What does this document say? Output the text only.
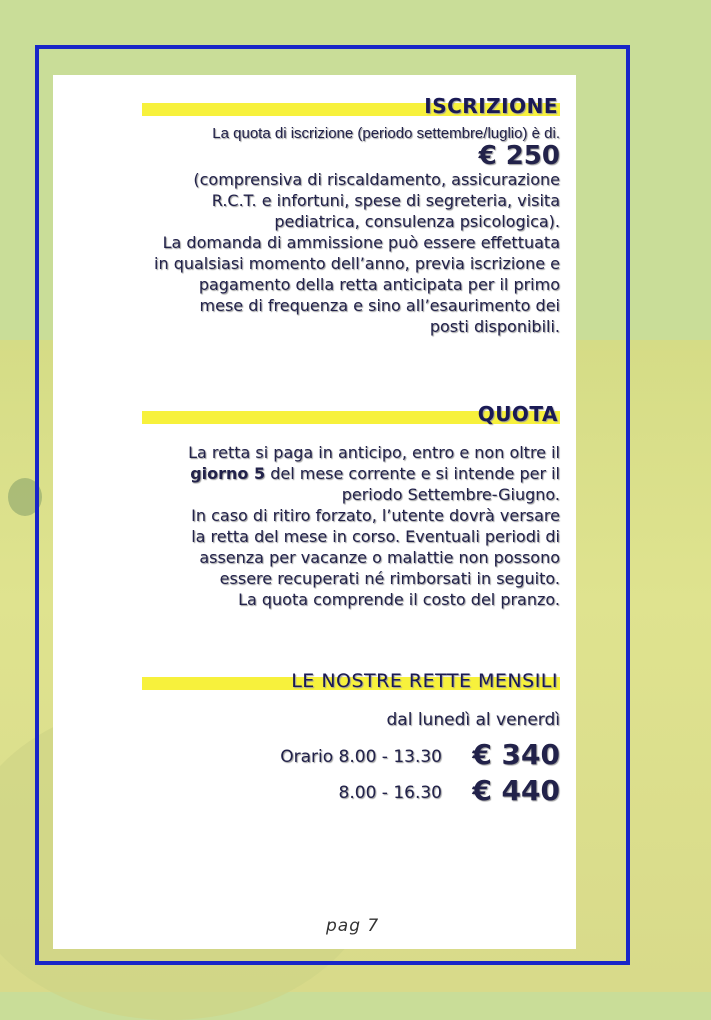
ISCRIZIONE
La quota di iscrizione (periodo settembre/luglio) è di.
€ 250
(comprensiva di riscaldamento, assicurazione
R.C.T. e infortuni, spese di segreteria, visita
pediatrica, consulenza psicologica).
La domanda di ammissione può essere effettuata
in qualsiasi momento dell’anno, previa iscrizione e
pagamento della retta anticipata per il primo
mese di frequenza e sino all’esaurimento dei
posti disponibili.
QUOTA
La retta si paga in anticipo, entro e non oltre il
giorno 5 del mese corrente e si intende per il
periodo Settembre-Giugno.
In caso di ritiro forzato, l’utente dovrà versare
la retta del mese in corso. Eventuali periodi di
assenza per vacanze o malattie non possono
essere recuperati né rimborsati in seguito.
La quota comprende il costo del pranzo.
LE NOSTRE RETTE MENSILI
dal lunedì al venerdì
Orario 8.00 - 13.30 € 340
8.00 - 16.30 € 440
pag 7
